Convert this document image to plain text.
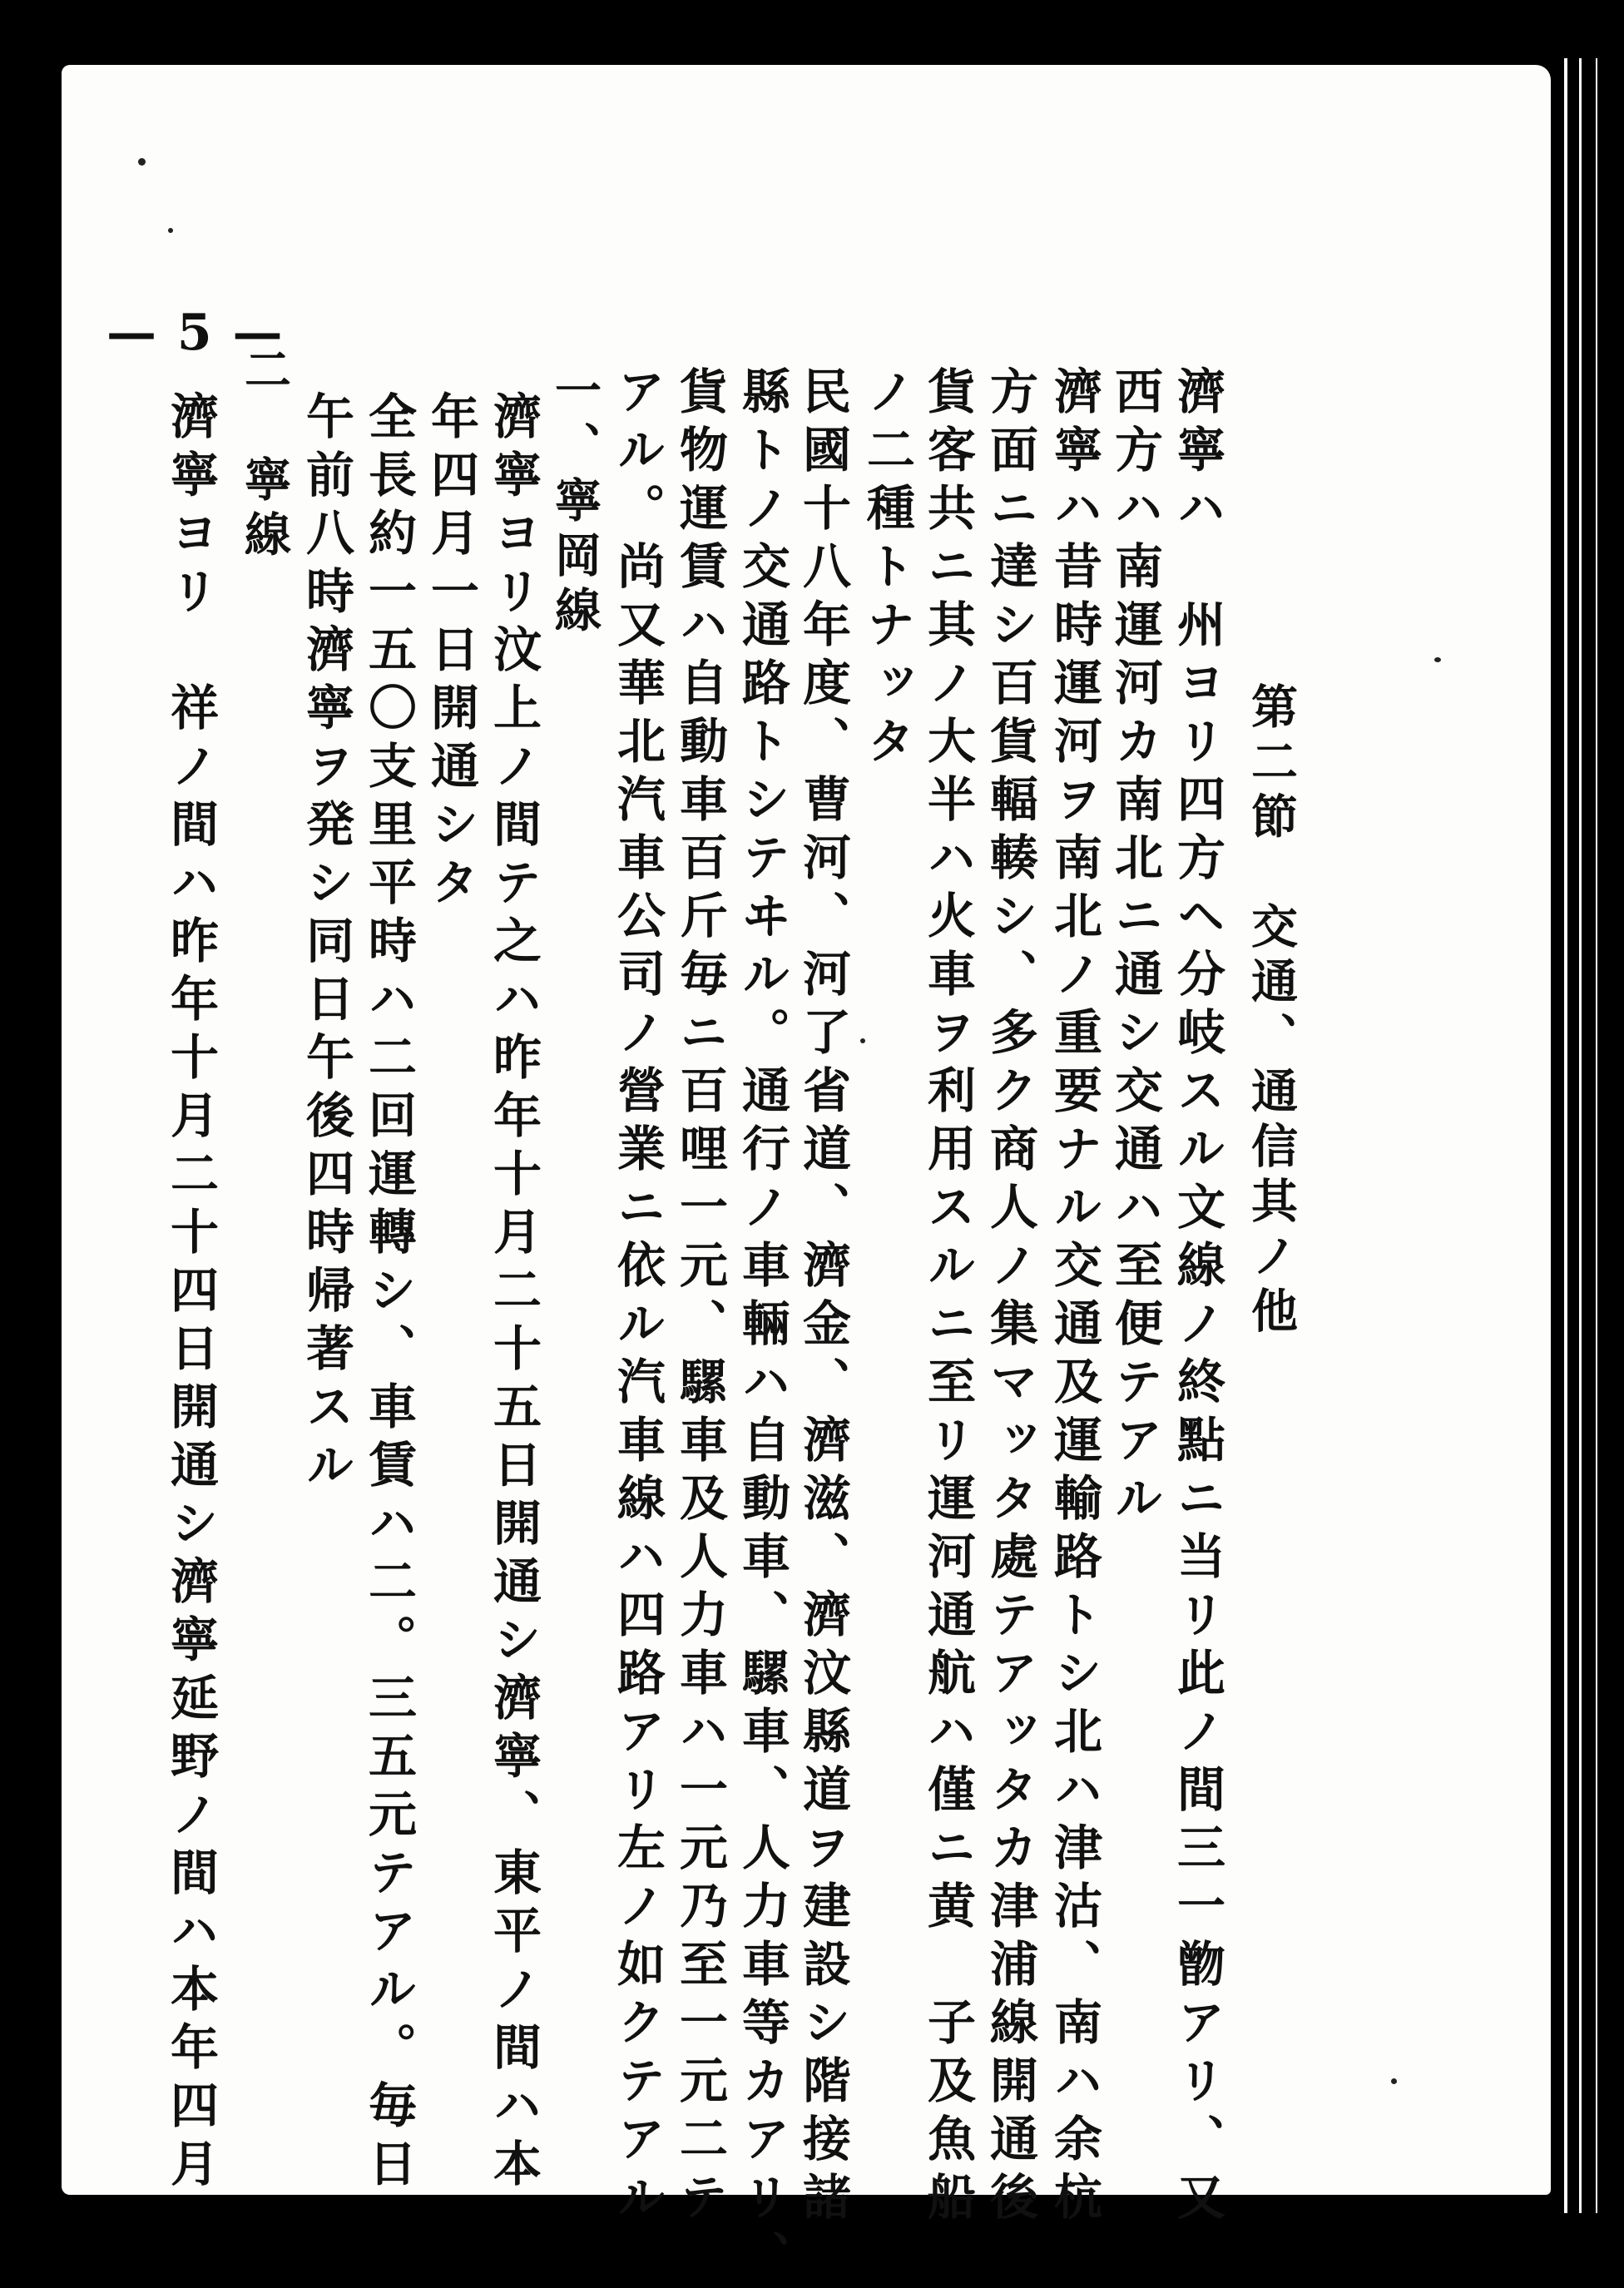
— 5 —
第二節　交通、通信其ノ他
濟寧ハ　州ヨリ四方ヘ分岐スル文線ノ終點ニ当リ此ノ間三一朆アリ、又
西方ハ南運河カ南北ニ通シ交通ハ至便テアル
濟寧ハ昔時運河ヲ南北ノ重要ナル交通及運輸路トシ北ハ津沽、南ハ余杭
方面ニ達シ百貨輻輳シ、多ク商人ノ集マッタ處テアッタカ津浦線開通後
貨客共ニ其ノ大半ハ火車ヲ利用スルニ至リ運河通航ハ僅ニ黄　子及魚船
ノ二種トナッタ
民國十八年度、曹河、河了省道、濟金、濟滋、濟汶縣道ヲ建設シ階接諸
縣トノ交通路トシテヰル。通行ノ車輛ハ自動車、騾車、人力車等カアリ、
貨物運賃ハ自動車百斤毎ニ百哩一元、騾車及人力車ハ一元乃至一元二テ
アル。尚又華北汽車公司ノ營業ニ依ル汽車線ハ四路アリ左ノ如クテアル
一、寧岡線
濟寧ヨリ汶上ノ間テ之ハ昨年十月二十五日開通シ濟寧、東平ノ間ハ本
年四月一日開通シタ
全長約一五〇支里平時ハ二回運轉シ、車賃ハ二。三五元テアル。毎日
午前八時濟寧ヲ発シ同日午後四時帰著スル
二　寧線
濟寧ヨリ　祥ノ間ハ昨年十月二十四日開通シ濟寧延野ノ間ハ本年四月
